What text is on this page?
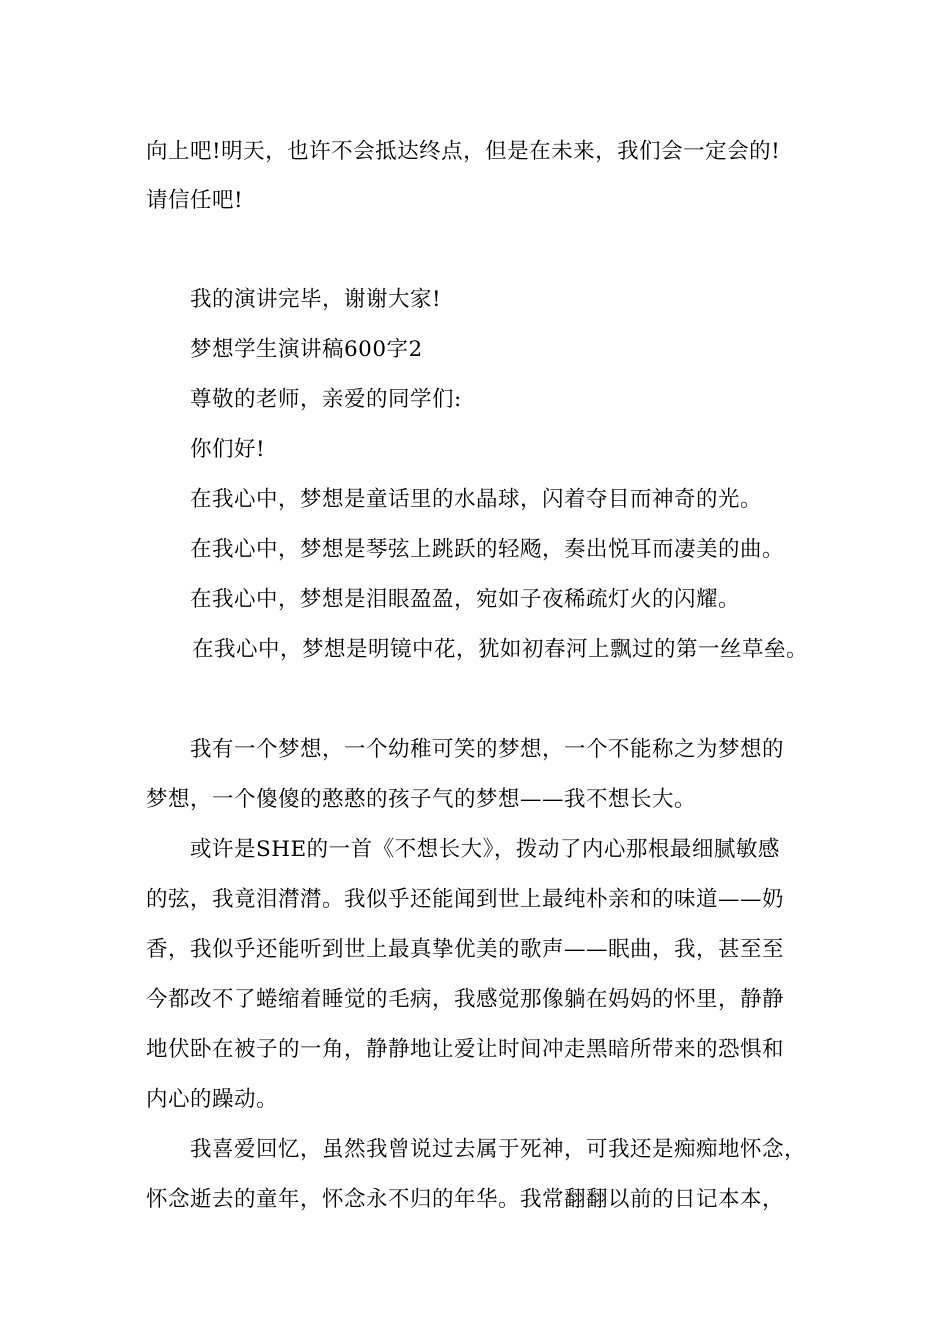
向上吧!明天，也许不会抵达终点，但是在未来，我们会一定会的!
请信任吧!
我的演讲完毕，谢谢大家!
梦想学生演讲稿600字2
尊敬的老师，亲爱的同学们:
你们好!
在我心中，梦想是童话里的水晶球，闪着夺目而神奇的光。
在我心中，梦想是琴弦上跳跃的轻飏，奏出悦耳而凄美的曲。
在我心中，梦想是泪眼盈盈，宛如子夜稀疏灯火的闪耀。
在我心中，梦想是明镜中花，犹如初春河上飘过的第一丝草垒。
我有一个梦想，一个幼稚可笑的梦想，一个不能称之为梦想的
梦想，一个傻傻的憨憨的孩子气的梦想——我不想长大。
或许是SHE的一首《不想长大》，拨动了内心那根最细腻敏感
的弦，我竟泪潸潸。我似乎还能闻到世上最纯朴亲和的味道——奶
香，我似乎还能听到世上最真挚优美的歌声——眠曲，我，甚至至
今都改不了蜷缩着睡觉的毛病，我感觉那像躺在妈妈的怀里，静静
地伏卧在被子的一角，静静地让爱让时间冲走黑暗所带来的恐惧和
内心的躁动。
我喜爱回忆，虽然我曾说过去属于死神，可我还是痴痴地怀念，
怀念逝去的童年，怀念永不归的年华。我常翻翻以前的日记本本，
